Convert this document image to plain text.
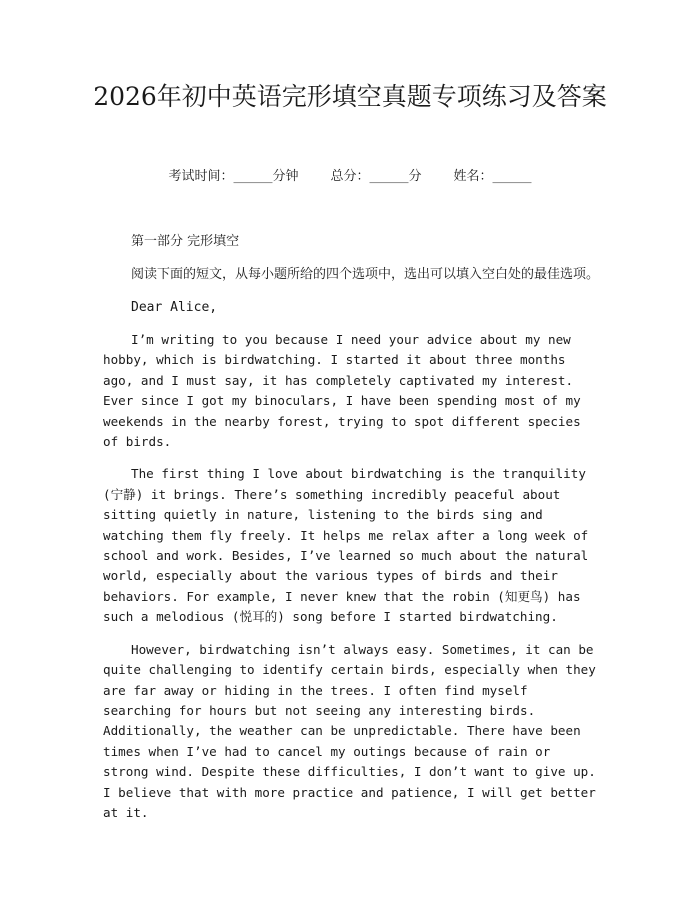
2026年初中英语完形填空真题专项练习及答案
考试时间：______分钟 总分：______分 姓名：______

第一部分 完形填空

阅读下面的短文，从每小题所给的四个选项中，选出可以填入空白处的最佳选项。

Dear Alice,

I’m writing to you because I need your advice about my new hobby, which is birdwatching. I started it about three months ago, and I must say, it has completely captivated my interest. Ever since I got my binoculars, I have been spending most of my weekends in the nearby forest, trying to spot different species of birds.

The first thing I love about birdwatching is the tranquility (宁静) it brings. There’s something incredibly peaceful about sitting quietly in nature, listening to the birds sing and watching them fly freely. It helps me relax after a long week of school and work. Besides, I’ve learned so much about the natural world, especially about the various types of birds and their behaviors. For example, I never knew that the robin (知更鸟) has such a melodious (悦耳的) song before I started birdwatching.

However, birdwatching isn’t always easy. Sometimes, it can be quite challenging to identify certain birds, especially when they are far away or hiding in the trees. I often find myself searching for hours but not seeing any interesting birds. Additionally, the weather can be unpredictable. There have been times when I’ve had to cancel my outings because of rain or strong wind. Despite these difficulties, I don’t want to give up. I believe that with more practice and patience, I will get better at it.
